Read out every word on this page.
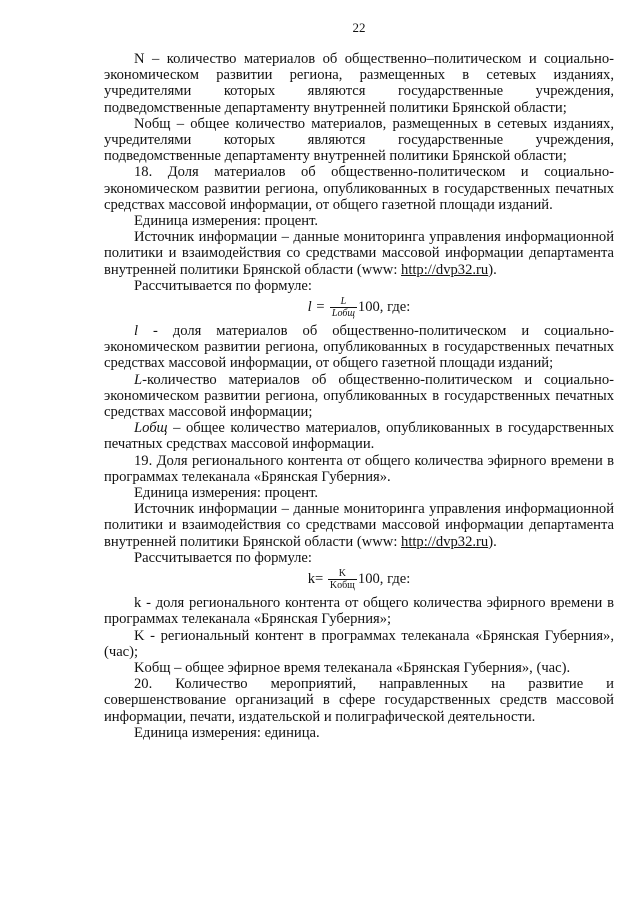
22

N – количество материалов об общественно–политическом и социально-экономическом развитии региона, размещенных в сетевых изданиях, учредителями которых являются государственные учреждения, подведомственные департаменту внутренней политики Брянской области;

Nобщ – общее количество материалов, размещенных в сетевых изданиях, учредителями которых являются государственные учреждения, подведомственные департаменту внутренней политики Брянской области;

18. Доля материалов об общественно-политическом и социально-экономическом развитии региона, опубликованных в государственных печатных средствах массовой информации, от общего газетной площади изданий.

Единица измерения: процент.

Источник информации – данные мониторинга управления информационной политики и взаимодействия со средствами массовой информации департамента внутренней политики Брянской области (www: http://dvp32.ru).

Рассчитывается по формуле:

$l = \frac{L}{\text{Lобщ}} 100$, где:

l - доля материалов об общественно-политическом и социально-экономическом развитии региона, опубликованных в государственных печатных средствах массовой информации, от общего газетной площади изданий;

L-количество материалов об общественно-политическом и социально-экономическом развитии региона, опубликованных в государственных печатных средствах массовой информации;

Lобщ – общее количество материалов, опубликованных в государственных печатных средствах массовой информации.

19. Доля регионального контента от общего количества эфирного времени в программах телеканала «Брянская Губерния».

Единица измерения: процент.

Источник информации – данные мониторинга управления информационной политики и взаимодействия со средствами массовой информации департамента внутренней политики Брянской области (www: http://dvp32.ru).

Рассчитывается по формуле:

$k= \frac{K}{\text{Kобщ}} 100$, где:

k - доля регионального контента от общего количества эфирного времени в программах телеканала «Брянская Губерния»;

K - региональный контент в программах телеканала «Брянская Губерния», (час);

Kобщ – общее эфирное время телеканала «Брянская Губерния», (час).

20. Количество мероприятий, направленных на развитие и совершенствование организаций в сфере государственных средств массовой информации, печати, издательской и полиграфической деятельности.

Единица измерения: единица.
